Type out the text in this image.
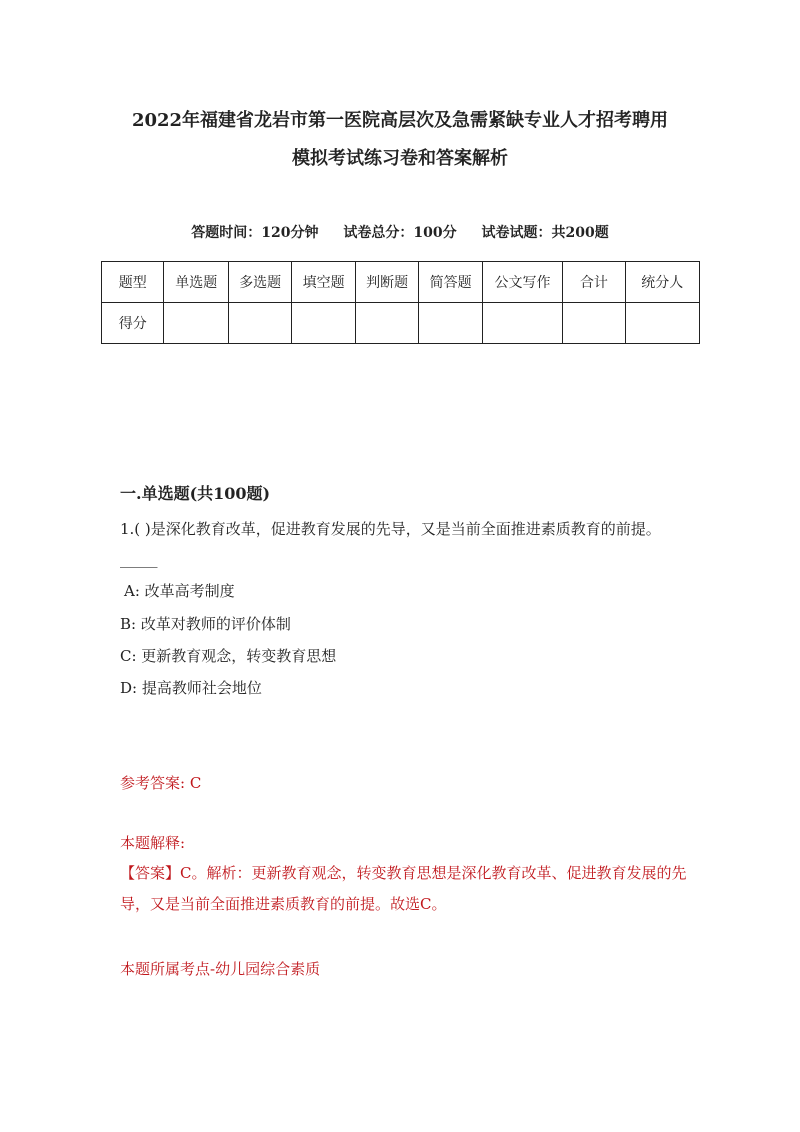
2022年福建省龙岩市第一医院高层次及急需紧缺专业人才招考聘用
模拟考试练习卷和答案解析
答题时间：120分钟 试卷总分：100分 试卷试题：共200题
题型	单选题	多选题	填空题	判断题	简答题	公文写作	合计	统分人
得分								
一.单选题(共100题)
1.( )是深化教育改革，促进教育发展的先导，又是当前全面推进素质教育的前提。_____
A: 改革高考制度
B: 改革对教师的评价体制
C: 更新教育观念，转变教育思想
D: 提高教师社会地位
参考答案: C
本题解释:
【答案】C。解析：更新教育观念，转变教育思想是深化教育改革、促进教育发展的先导，又是当前全面推进素质教育的前提。故选C。
本题所属考点-幼儿园综合素质
